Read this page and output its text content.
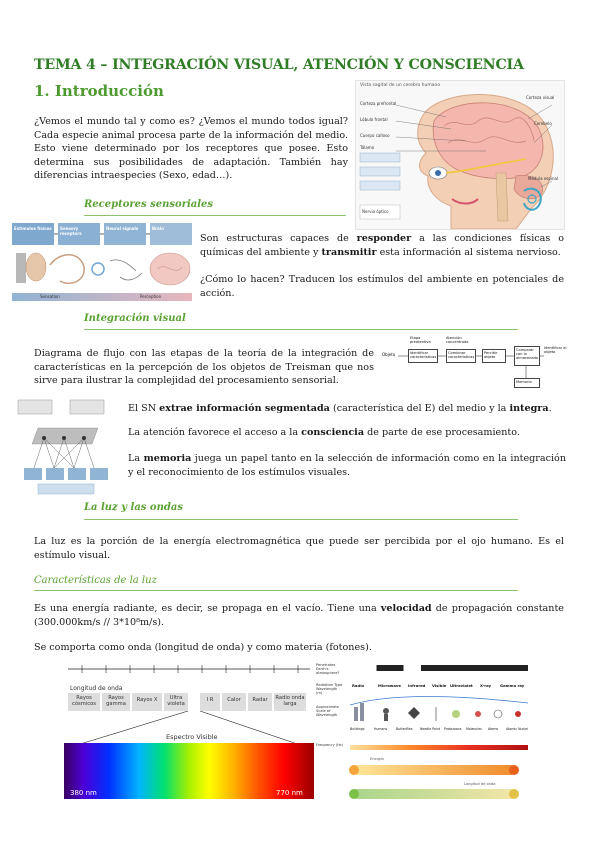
TEMA 4 – INTEGRACIÓN VISUAL, ATENCIÓN Y CONSCIENCIA
1. Introducción	Vista sagital de un cerebro humano
Corteza prefrontal
Lóbulo frontal
Cuerpo calloso
Tálamo
Corteza visual
Cerebelo
Médula espinal
Nervio óptico
¿Vemos el mundo tal y como es? ¿Vemos el mundo todos igual? Cada especie animal procesa parte de la información del medio. Esto viene determinado por los receptores que posee. Esto determina sus posibilidades de adaptación. También hay diferencias intraespecies (Sexo, edad…).
Receptores sensoriales
Estímulos físicos Sensory receptors
Neural signals	Brain
Sensation	Perception
Son estructuras capaces de responder a las condiciones físicas o químicas del ambiente y transmitir esta información al sistema nervioso.
¿Cómo lo hacen? Traducen los estímulos del ambiente en potenciales de acción.
Integración visual
Diagrama de flujo con las etapas de la teoría de la integración de características en la percepción de los objetos de Treisman que nos sirve para ilustrar la complejidad del procesamiento sensorial.
Objeto
Etapa preatentiva
Identificar características
Atención concentrada
Combinar características
Percibir objeto
Comparar con lo almacenado
Identificar el objeto
Memoria
El SN extrae información segmentada (característica del E) del medio y la integra.
La atención favorece el acceso a la consciencia de parte de ese procesamiento.
La memoria juega un papel tanto en la selección de información como en la integración y el reconocimiento de los estímulos visuales.
La luz y las ondas
La luz es la porción de la energía electromagnética que puede ser percibida por el ojo humano. Es el estímulo visual.
Características de la luz
Es una energía radiante, es decir, se propaga en el vacío. Tiene una velocidad de propagación constante (300.000km/s // 3*10⁸m/s).
Se comporta como onda (longitud de onda) y como materia (fotones).
Longitud de onda
Rayos cósmicos
Rayos gamma
Rayos X	Ultra violeta
I R	Calor	Radar	Radio onda larga
Espectro Visible
380 nm	770 nm
Penetrates Earth's atmosphere?
Radiation Type Wavelength (m)
Radio	Microwave Infrared Visible Ultraviolet X-ray Gamma ray
Approximate Scale of Wavelength
Buildings	Humans	Butterflies Needle Point Protozoans Molecules Atoms Atomic Nuclei
Frequency (Hz)
Energía
Longitud de onda
